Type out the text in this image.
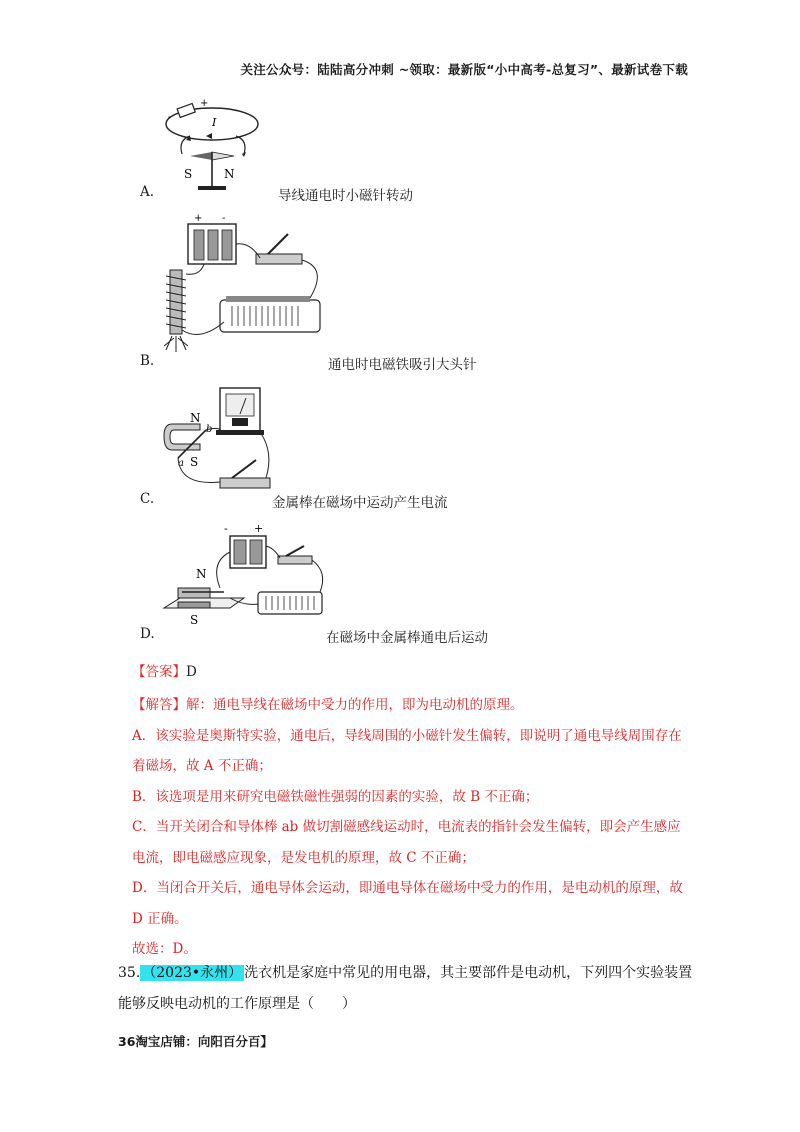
关注公众号：陆陆高分冲刺 ~领取：最新版“小中高考-总复习”、最新试卷下载
+
-	I
S	N
A.	导线通电时小磁针转动
+ -
B.	通电时电磁铁吸引大头针
N
S
a
b
C.	金属棒在磁场中运动产生电流
- +
N
S
D.	在磁场中金属棒通电后运动
【答案】D

【解答】解：通电导线在磁场中受力的作用，即为电动机的原理。

A．该实验是奥斯特实验，通电后，导线周围的小磁针发生偏转，即说明了通电导线周围存在着磁场，故 A 不正确；

B．该选项是用来研究电磁铁磁性强弱的因素的实验，故 B 不正确；

C．当开关闭合和导体棒 ab 做切割磁感线运动时，电流表的指针会发生偏转，即会产生感应电流，即电磁感应现象，是发电机的原理，故 C 不正确；

D．当闭合开关后，通电导体会运动，即通电导体在磁场中受力的作用，是电动机的原理，故 D 正确。

故选：D。

35. （2023•永州） 洗衣机是家庭中常见的用电器，其主要部件是电动机，下列四个实验装置能够反映电动机的工作原理是（　　）
36淘宝店铺：向阳百分百】
